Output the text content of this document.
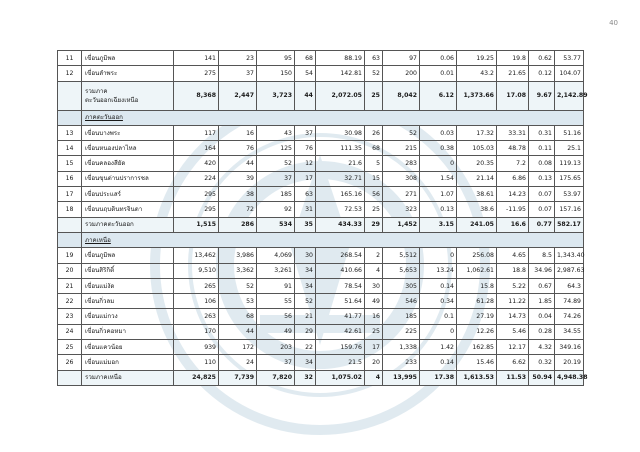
40
11	เขื่อนภูมิพล	141	23	95	68	88.19	63	97	0.06	19.25	19.8	0.62	53.77
12	เขื่อนลำพระ	275	37	150	54	142.81	52	200	0.01	43.2	21.65	0.12	104.07
	รวมภาค
ตะวันออกเฉียงเหนือ	8,368	2,447	3,723	44	2,072.05	25	8,042	6.12	1,373.66	17.08	9.67	2,142.89
	ภาคตะวันออก												
13	เขื่อนบางพระ	117	16	43	37	30.98	26	52	0.03	17.32	33.31	0.31	51.16
14	เขื่อนหนองปลาไหล	164	76	125	76	111.35	68	215	0.38	105.03	48.78	0.11	25.1
15	เขื่อนคลองสียัด	420	44	52	12	21.6	5	283	0	20.35	7.2	0.08	119.13
16	เขื่อนขุนด่านปราการชล	224	39	37	17	32.71	15	308	1.54	21.14	6.86	0.13	175.65
17	เขื่อนประแสร์	295	38	185	63	165.16	56	271	1.07	38.61	14.23	0.07	53.97
18	เขื่อนนฤบดินทรจินดา	295	72	92	31	72.53	25	323	0.13	38.6	-11.95	0.07	157.16
	รวมภาคตะวันออก	1,515	286	534	35	434.33	29	1,452	3.15	241.05	16.6	0.77	582.17
	ภาคเหนือ												
19	เขื่อนภูมิพล	13,462	3,986	4,069	30	268.54	2	5,512	0	256.08	4.65	8.5	1,343.40
20	เขื่อนสิริกิติ์	9,510	3,362	3,261	34	410.66	4	5,653	13.24	1,062.61	18.8	34.96	2,987.63
21	เขื่อนแม่งัด	265	52	91	34	78.54	30	305	0.14	15.8	5.22	0.67	64.3
22	เขื่อนกิ่วลม	106	53	55	52	51.64	49	546	0.34	61.28	11.22	1.85	74.89
23	เขื่อนแม่กวง	263	68	56	21	41.77	16	185	0.1	27.19	14.73	0.04	74.26
24	เขื่อนกิ่วคอหมา	170	44	49	29	42.61	25	225	0	12.26	5.46	0.28	34.55
25	เขื่อนแควน้อย	939	172	203	22	159.76	17	1,338	1.42	162.85	12.17	4.32	349.16
26	เขื่อนแม่มอก	110	24	37	34	21.5	20	233	0.14	15.46	6.62	0.32	20.19
	รวมภาคเหนือ	24,825	7,739	7,820	32	1,075.02	4	13,995	17.38	1,613.53	11.53	50.94	4,948.38
